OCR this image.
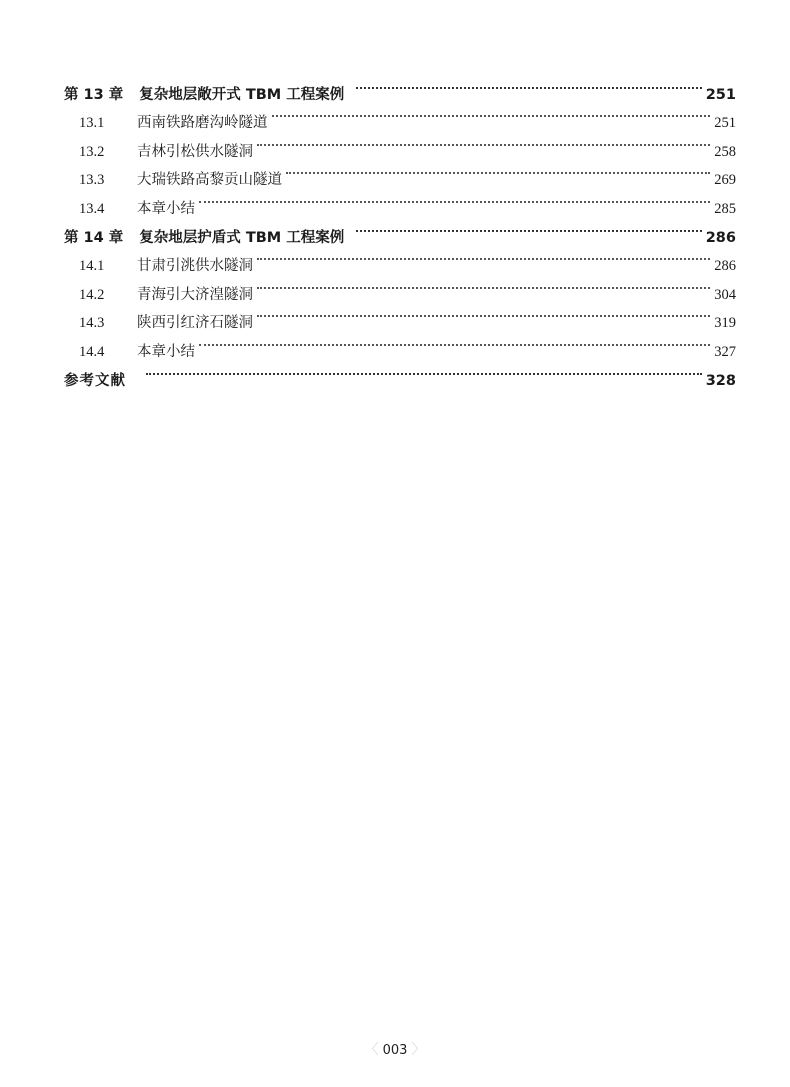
第 13 章 复杂地层敞开式 TBM 工程案例	251
13.1	西南铁路磨沟岭隧道	251
13.2	吉林引松供水隧洞	258
13.3	大瑞铁路高黎贡山隧道	269
13.4	本章小结	285
第 14 章 复杂地层护盾式 TBM 工程案例	286
14.1	甘肃引洮供水隧洞	286
14.2	青海引大济湟隧洞	304
14.3	陕西引红济石隧洞	319
14.4	本章小结	327
参考文献	328
〈 003 〉
